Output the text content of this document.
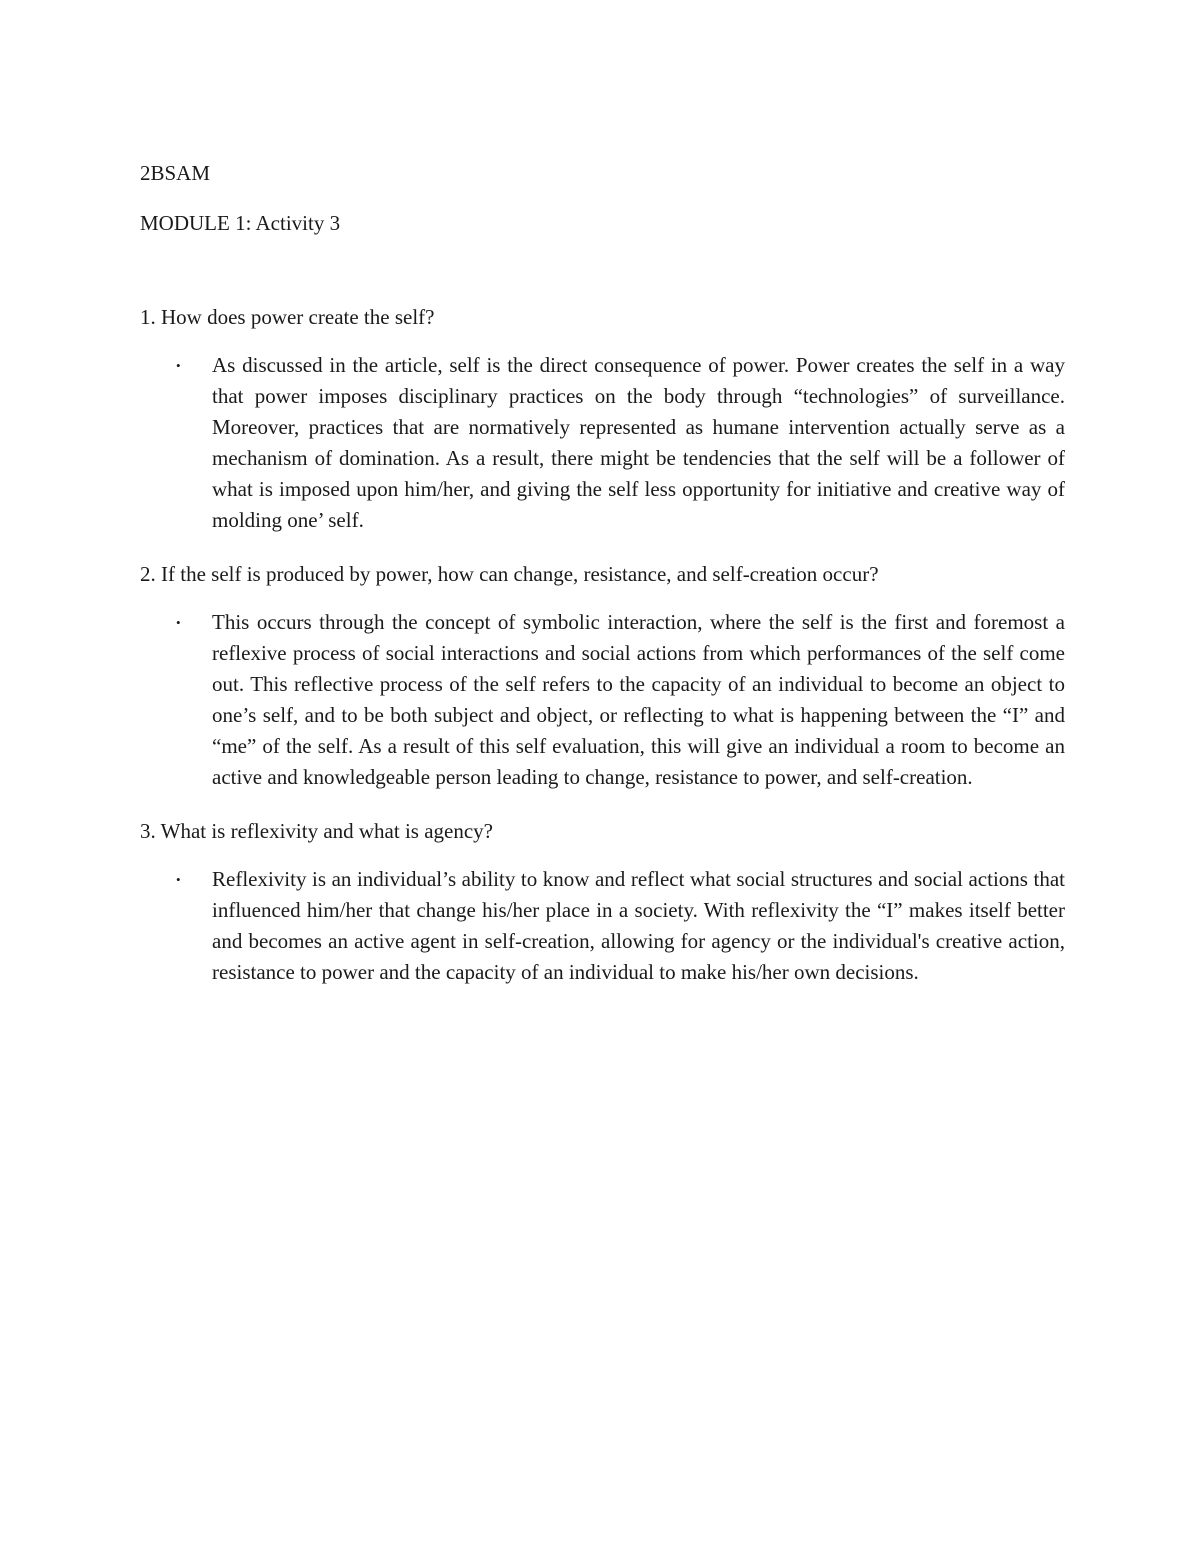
2BSAM

MODULE 1: Activity 3

1. How does power create the self?

• As discussed in the article, self is the direct consequence of power. Power creates the self in a way that power imposes disciplinary practices on the body through “technologies” of surveillance. Moreover, practices that are normatively represented as humane intervention actually serve as a mechanism of domination. As a result, there might be tendencies that the self will be a follower of what is imposed upon him/her, and giving the self less opportunity for initiative and creative way of molding one’ self.

2. If the self is produced by power, how can change, resistance, and self-creation occur?

• This occurs through the concept of symbolic interaction, where the self is the first and foremost a reflexive process of social interactions and social actions from which performances of the self come out. This reflective process of the self refers to the capacity of an individual to become an object to one’s self, and to be both subject and object, or reflecting to what is happening between the “I” and “me” of the self. As a result of this self evaluation, this will give an individual a room to become an active and knowledgeable person leading to change, resistance to power, and self-creation.

3. What is reflexivity and what is agency?

• Reflexivity is an individual’s ability to know and reflect what social structures and social actions that influenced him/her that change his/her place in a society. With reflexivity the “I” makes itself better and becomes an active agent in self-creation, allowing for agency or the individual's creative action, resistance to power and the capacity of an individual to make his/her own decisions.
